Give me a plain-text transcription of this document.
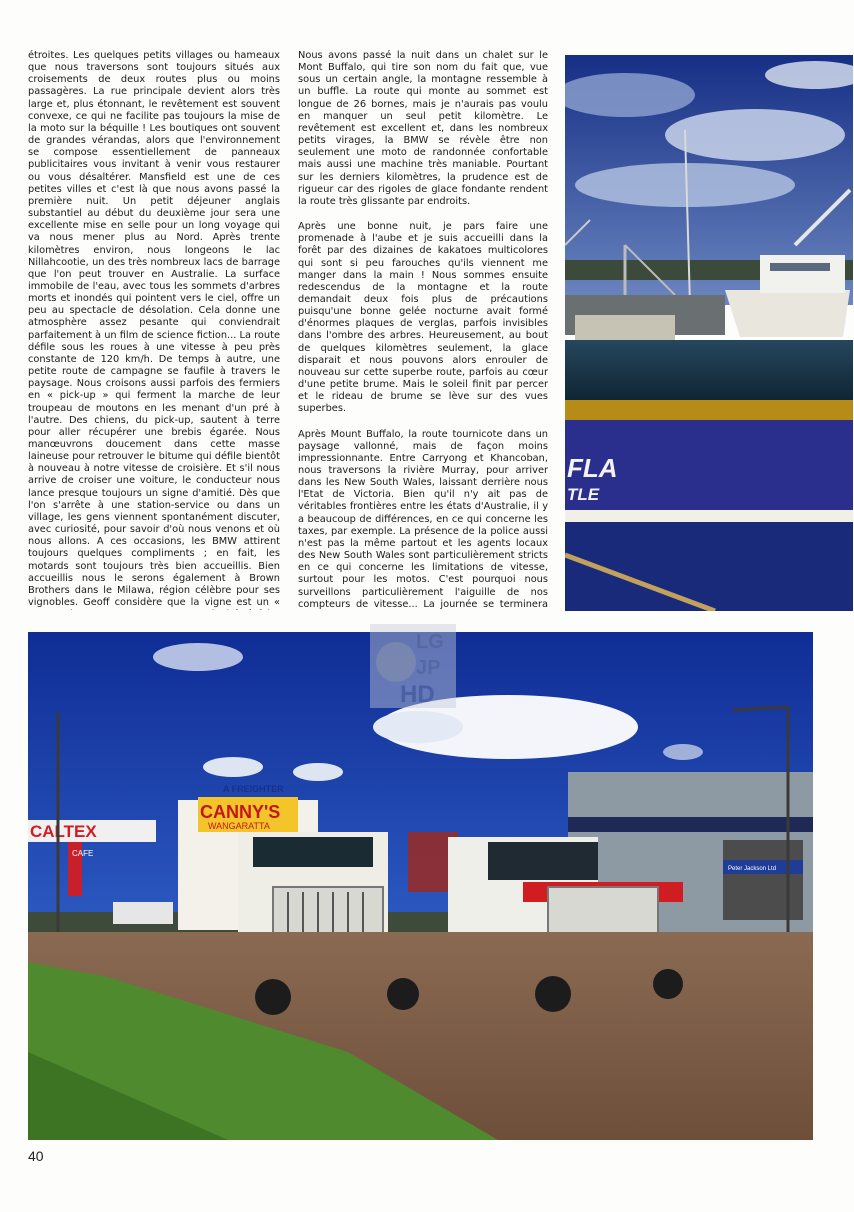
étroites. Les quelques petits villages ou hameaux que nous traversons sont toujours situés aux croisements de deux routes plus ou moins passagères. La rue principale devient alors très large et, plus étonnant, le revêtement est souvent convexe, ce qui ne facilite pas toujours la mise de la moto sur la béquille ! Les boutiques ont souvent de grandes vérandas, alors que l'environnement se compose essentiellement de panneaux publicitaires vous invitant à venir vous restaurer ou vous désaltérer. Mansfield est une de ces petites villes et c'est là que nous avons passé la première nuit. Un petit déjeuner anglais substantiel au début du deuxième jour sera une excellente mise en selle pour un long voyage qui va nous mener plus au Nord. Après trente kilomètres environ, nous longeons le lac Nillahcootie, un des très nombreux lacs de barrage que l'on peut trouver en Australie. La surface immobile de l'eau, avec tous les sommets d'arbres morts et inondés qui pointent vers le ciel, offre un peu au spectacle de désolation. Cela donne une atmosphère assez pesante qui conviendrait parfaitement à un film de science fiction... La route défile sous les roues à une vitesse à peu près constante de 120 km/h. De temps à autre, une petite route de campagne se faufile à travers le paysage. Nous croisons aussi parfois des fermiers en « pick-up » qui ferment la marche de leur troupeau de moutons en les menant d'un pré à l'autre. Des chiens, du pick-up, sautent à terre pour aller récupérer une brebis égarée. Nous manœuvrons doucement dans cette masse laineuse pour retrouver le bitume qui défile bientôt à nouveau à notre vitesse de croisière. Et s'il nous arrive de croiser une voiture, le conducteur nous lance presque toujours un signe d'amitié. Dès que l'on s'arrête à une station-service ou dans un village, les gens viennent spontanément discuter, avec curiosité, pour savoir d'où nous venons et où nous allons. A ces occasions, les BMW attirent toujours quelques compliments ; en fait, les motards sont toujours très bien accueillis. Bien accueillis nous le serons également à Brown Brothers dans le Milawa, région célèbre pour ses vignobles. Geoff considère que la vigne est un «

Nous avons passé la nuit dans un chalet sur le Mont Buffalo, qui tire son nom du fait que, vue sous un certain angle, la montagne ressemble à un buffle. La route qui monte au sommet est longue de 26 bornes, mais je n'aurais pas voulu en manquer un seul petit kilomètre. Le revêtement est excellent et, dans les nombreux petits virages, la BMW se révèle être non seulement une moto de randonnée confortable mais aussi une machine très maniable. Pourtant sur les derniers kilomètres, la prudence est de rigueur car des rigoles de glace fondante rendent la route très glissante par endroits.

Après une bonne nuit, je pars faire une promenade à l'aube et je suis accueilli dans la forêt par des dizaines de kakatoes multicolores qui sont si peu farouches qu'ils viennent me manger dans la main ! Nous sommes ensuite redescendus de la montagne et la route demandait deux fois plus de précautions puisqu'une bonne gelée nocturne avait formé d'énormes plaques de verglas, parfois invisibles dans l'ombre des arbres. Heureusement, au bout de quelques kilomètres seulement, la glace disparait et nous pouvons alors enrouler de nouveau sur cette superbe route, parfois au cœur d'une petite brume. Mais le soleil finit par percer et le rideau de brume se lève sur des vues superbes.

Après Mount Buffalo, la route tournicote dans un paysage vallonné, mais de façon moins impressionnante. Entre Carryong et Khancoban, nous traversons la rivière Murray, pour arriver dans les New South Wales, laissant derrière nous l'Etat de Victoria. Bien qu'il n'y ait pas de véritables frontières entre les états d'Australie, il y a beaucoup de différences, en ce qui concerne les taxes, par exemple. La présence de la police aussi n'est pas la même partout et les agents locaux des New South Wales sont particulièrement stricts en ce qui concerne les limitations de vitesse, surtout pour les motos. C'est pourquoi nous surveillons particulièrement l'aiguille de nos compteurs de vitesse... La journée se terminera

FLA
TLE
Peter Jackson Ltd
CALTEX
CAFE
A FREIGHTER
CANNY'S
WANGARATTA
LG
JP
HD
40
